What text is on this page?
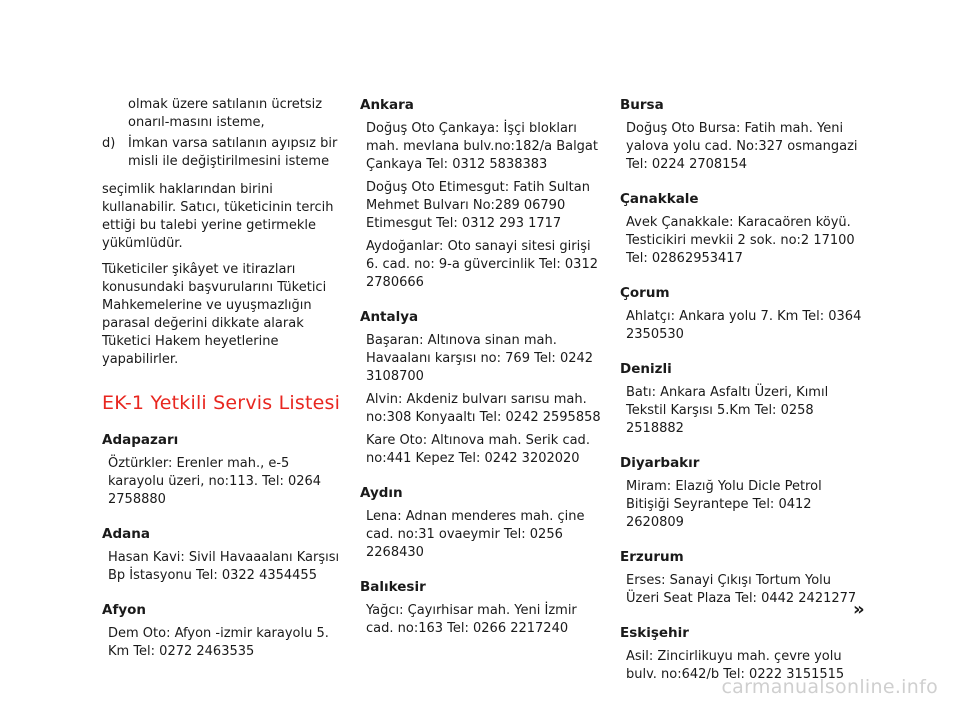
olmak üzere satılanın ücretsiz onarıl-masını isteme,

d) İmkan varsa satılanın ayıpsız bir misli ile değiştirilmesini isteme

seçimlik haklarından birini kullanabilir. Satıcı, tüketicinin tercih ettiği bu talebi yerine getirmekle yükümlüdür.

Tüketiciler şikâyet ve itirazları konusundaki başvurularını Tüketici Mahkemelerine ve uyuşmazlığın parasal değerini dikkate alarak Tüketici Hakem heyetlerine yapabilirler.

EK-1 Yetkili Servis Listesi
Adapazarı

Öztürkler: Erenler mah., e-5 karayolu üzeri, no:113. Tel: 0264 2758880

Adana

Hasan Kavi: Sivil Havaaalanı Karşısı Bp İstasyonu Tel: 0322 4354455

Afyon

Dem Oto: Afyon -izmir karayolu 5. Km Tel: 0272 2463535

Ankara

Doğuş Oto Çankaya: İşçi blokları mah. mevlana bulv.no:182/a Balgat Çankaya Tel: 0312 5838383

Doğuş Oto Etimesgut: Fatih Sultan Mehmet Bulvarı No:289 06790 Etimesgut Tel: 0312 293 1717

Aydoğanlar: Oto sanayi sitesi girişi 6. cad. no: 9-a güvercinlik Tel: 0312 2780666

Antalya

Başaran: Altınova sinan mah. Havaalanı karşısı no: 769 Tel: 0242 3108700

Alvin: Akdeniz bulvarı sarısu mah. no:308 Konyaaltı Tel: 0242 2595858

Kare Oto: Altınova mah. Serik cad. no:441 Kepez Tel: 0242 3202020

Aydın

Lena: Adnan menderes mah. çine cad. no:31 ovaeymir Tel: 0256 2268430

Balıkesir

Yağcı: Çayırhisar mah. Yeni İzmir cad. no:163 Tel: 0266 2217240

Bursa

Doğuş Oto Bursa: Fatih mah. Yeni yalova yolu cad. No:327 osmangazi Tel: 0224 2708154

Çanakkale

Avek Çanakkale: Karacaören köyü. Testicikiri mevkii 2 sok. no:2 17100 Tel: 02862953417

Çorum

Ahlatçı: Ankara yolu 7. Km Tel: 0364 2350530

Denizli

Batı: Ankara Asfaltı Üzeri, Kımıl Tekstil Karşısı 5.Km Tel: 0258 2518882

Diyarbakır

Miram: Elazığ Yolu Dicle Petrol Bitişiği Seyrantepe Tel: 0412 2620809

Erzurum

Erses: Sanayi Çıkışı Tortum Yolu Üzeri Seat Plaza Tel: 0442 2421277

Eskişehir

Asil: Zincirlikuyu mah. çevre yolu bulv. no:642/b Tel: 0222 3151515

»
carmanualsonline.info
